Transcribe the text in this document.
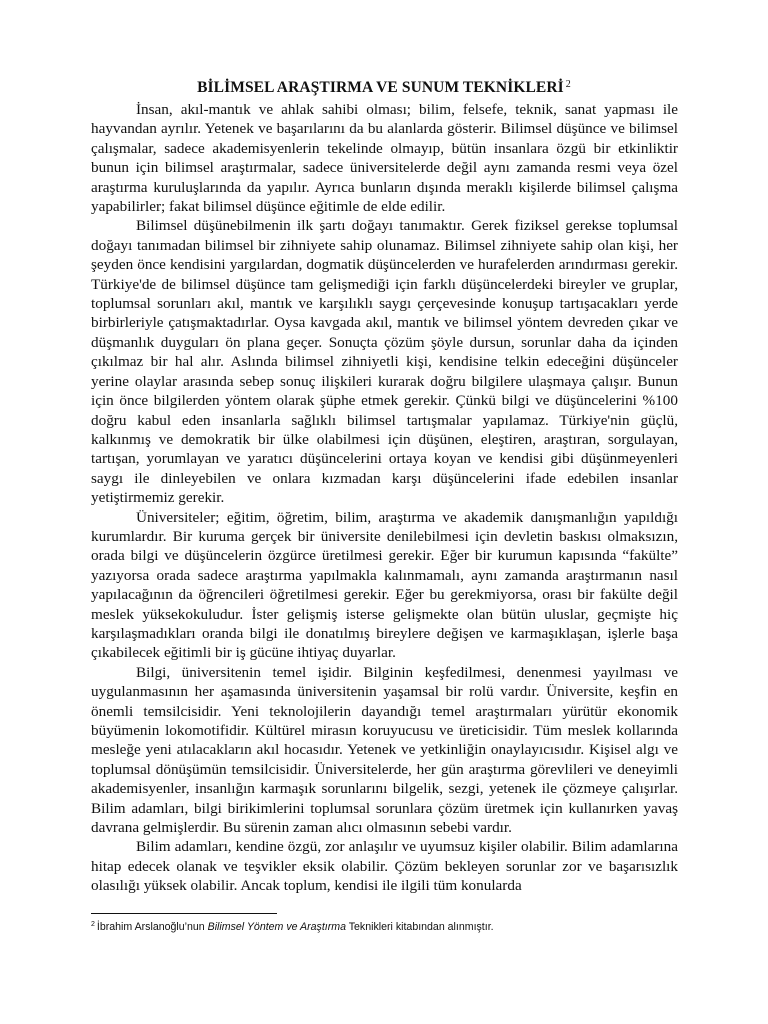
BİLİMSEL ARAŞTIRMA VE SUNUM TEKNİKLERİ $^2$

İnsan, akıl-mantık ve ahlak sahibi olması; bilim, felsefe, teknik, sanat yapması ile hayvandan ayrılır. Yetenek ve başarılarını da bu alanlarda gösterir. Bilimsel düşünce ve bilimsel çalışmalar, sadece akademisyenlerin tekelinde olmayıp, bütün insanlara özgü bir etkinliktir bunun için bilimsel araştırmalar, sadece üniversitelerde değil aynı zamanda resmi veya özel araştırma kuruluşlarında da yapılır. Ayrıca bunların dışında meraklı kişilerde bilimsel çalışma yapabilirler; fakat bilimsel düşünce eğitimle de elde edilir.

Bilimsel düşünebilmenin ilk şartı doğayı tanımaktır. Gerek fiziksel gerekse toplumsal doğayı tanımadan bilimsel bir zihniyete sahip olunamaz. Bilimsel zihniyete sahip olan kişi, her şeyden önce kendisini yargılardan, dogmatik düşüncelerden ve hurafelerden arındırması gerekir. Türkiye'de de bilimsel düşünce tam gelişmediği için farklı düşüncelerdeki bireyler ve gruplar, toplumsal sorunları akıl, mantık ve karşılıklı saygı çerçevesinde konuşup tartışacakları yerde birbirleriyle çatışmaktadırlar. Oysa kavgada akıl, mantık ve bilimsel yöntem devreden çıkar ve düşmanlık duyguları ön plana geçer. Sonuçta çözüm şöyle dursun, sorunlar daha da içinden çıkılmaz bir hal alır. Aslında bilimsel zihniyetli kişi, kendisine telkin edeceğini düşünceler yerine olaylar arasında sebep sonuç ilişkileri kurarak doğru bilgilere ulaşmaya çalışır. Bunun için önce bilgilerden yöntem olarak şüphe etmek gerekir. Çünkü bilgi ve düşüncelerini %100 doğru kabul eden insanlarla sağlıklı bilimsel tartışmalar yapılamaz. Türkiye'nin güçlü, kalkınmış ve demokratik bir ülke olabilmesi için düşünen, eleştiren, araştıran, sorgulayan, tartışan, yorumlayan ve yaratıcı düşüncelerini ortaya koyan ve kendisi gibi düşünmeyenleri saygı ile dinleyebilen ve onlara kızmadan karşı düşüncelerini ifade edebilen insanlar yetiştirmemiz gerekir.

Üniversiteler; eğitim, öğretim, bilim, araştırma ve akademik danışmanlığın yapıldığı kurumlardır. Bir kuruma gerçek bir üniversite denilebilmesi için devletin baskısı olmaksızın, orada bilgi ve düşüncelerin özgürce üretilmesi gerekir. Eğer bir kurumun kapısında “fakülte” yazıyorsa orada sadece araştırma yapılmakla kalınmamalı, aynı zamanda araştırmanın nasıl yapılacağının da öğrencileri öğretilmesi gerekir. Eğer bu gerekmiyorsa, orası bir fakülte değil meslek yüksekokuludur. İster gelişmiş isterse gelişmekte olan bütün uluslar, geçmişte hiç karşılaşmadıkları oranda bilgi ile donatılmış bireylere değişen ve karmaşıklaşan, işlerle başa çıkabilecek eğitimli bir iş gücüne ihtiyaç duyarlar.

Bilgi, üniversitenin temel işidir. Bilginin keşfedilmesi, denenmesi yayılması ve uygulanmasının her aşamasında üniversitenin yaşamsal bir rolü vardır. Üniversite, keşfin en önemli temsilcisidir. Yeni teknolojilerin dayandığı temel araştırmaları yürütür ekonomik büyümenin lokomotifidir. Kültürel mirasın koruyucusu ve üreticisidir. Tüm meslek kollarında mesleğe yeni atılacakların akıl hocasıdır. Yetenek ve yetkinliğin onaylayıcısıdır. Kişisel algı ve toplumsal dönüşümün temsilcisidir. Üniversitelerde, her gün araştırma görevlileri ve deneyimli akademisyenler, insanlığın karmaşık sorunlarını bilgelik, sezgi, yetenek ile çözmeye çalışırlar. Bilim adamları, bilgi birikimlerini toplumsal sorunlara çözüm üretmek için kullanırken yavaş davrana gelmişlerdir. Bu sürenin zaman alıcı olmasının sebebi vardır.

Bilim adamları, kendine özgü, zor anlaşılır ve uyumsuz kişiler olabilir. Bilim adamlarına hitap edecek olanak ve teşvikler eksik olabilir. Çözüm bekleyen sorunlar zor ve başarısızlık olasılığı yüksek olabilir. Ancak toplum, kendisi ile ilgili tüm konularda

$^2$ İbrahim Arslanoğlu’nun Bilimsel Yöntem ve Araştırma Teknikleri kitabından alınmıştır.
